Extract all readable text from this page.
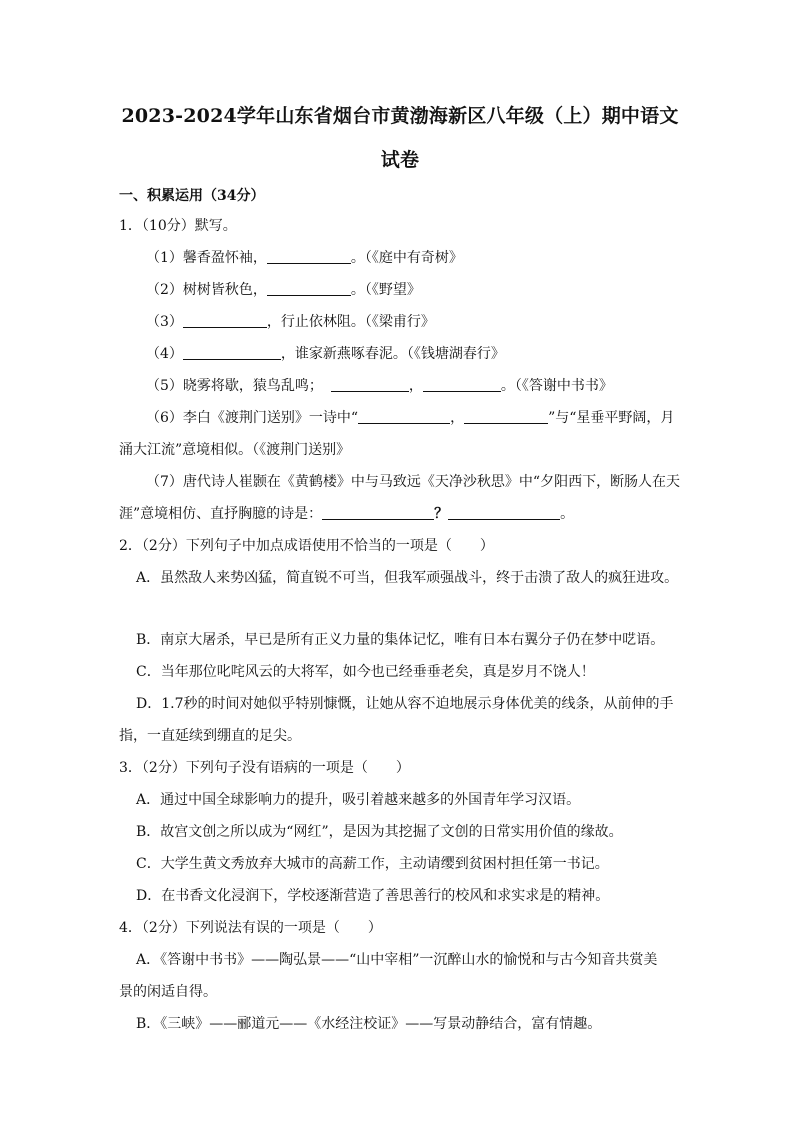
2023-2024学年山东省烟台市黄渤海新区八年级（上）期中语文
试卷
一、积累运用（34分）
1．（10分）默写。
（1）馨香盈怀袖，	。（《庭中有奇树》
（2）树树皆秋色，	。（《野望》
（3）	，行止依林阻。（《梁甫行》
（4）	，谁家新燕啄春泥。（《钱塘湖春行》
（5）晓雾将歇，猿鸟乱鸣；	，	。（《答谢中书书》
（6）李白《渡荆门送别》一诗中“	，	”与“星垂平野阔，月
涌大江流”意境相似。（《渡荆门送别》
（7）唐代诗人崔颢在《黄鹤楼》中与马致远《天净沙秋思》中“夕阳西下，断肠人在天
涯”意境相仿、直抒胸臆的诗是：	？	。
2．（2分）下列句子中加点成语使用不恰当的一项是（　　）
A．虽然敌人来势凶猛，简直锐不可当，但我军顽强战斗，终于击溃了敌人的疯狂进攻。
B．南京大屠杀，早已是所有正义力量的集体记忆，唯有日本右翼分子仍在梦中呓语。
C．当年那位叱咤风云的大将军，如今也已经垂垂老矣，真是岁月不饶人！
D．1.7秒的时间对她似乎特别慷慨，让她从容不迫地展示身体优美的线条，从前伸的手
指，一直延续到绷直的足尖。
3．（2分）下列句子没有语病的一项是（　　）
A．通过中国全球影响力的提升，吸引着越来越多的外国青年学习汉语。
B．故宫文创之所以成为“网红”，是因为其挖掘了文创的日常实用价值的缘故。
C．大学生黄文秀放弃大城市的高薪工作，主动请缨到贫困村担任第一书记。
D．在书香文化浸润下，学校逐渐营造了善思善行的校风和求实求是的精神。
4．（2分）下列说法有误的一项是（　　）
A．《答谢中书书》——陶弘景——“山中宰相”一沉醉山水的愉悦和与古今知音共赏美
景的闲适自得。
B．《三峡》——郦道元——《水经注校证》——写景动静结合，富有情趣。
